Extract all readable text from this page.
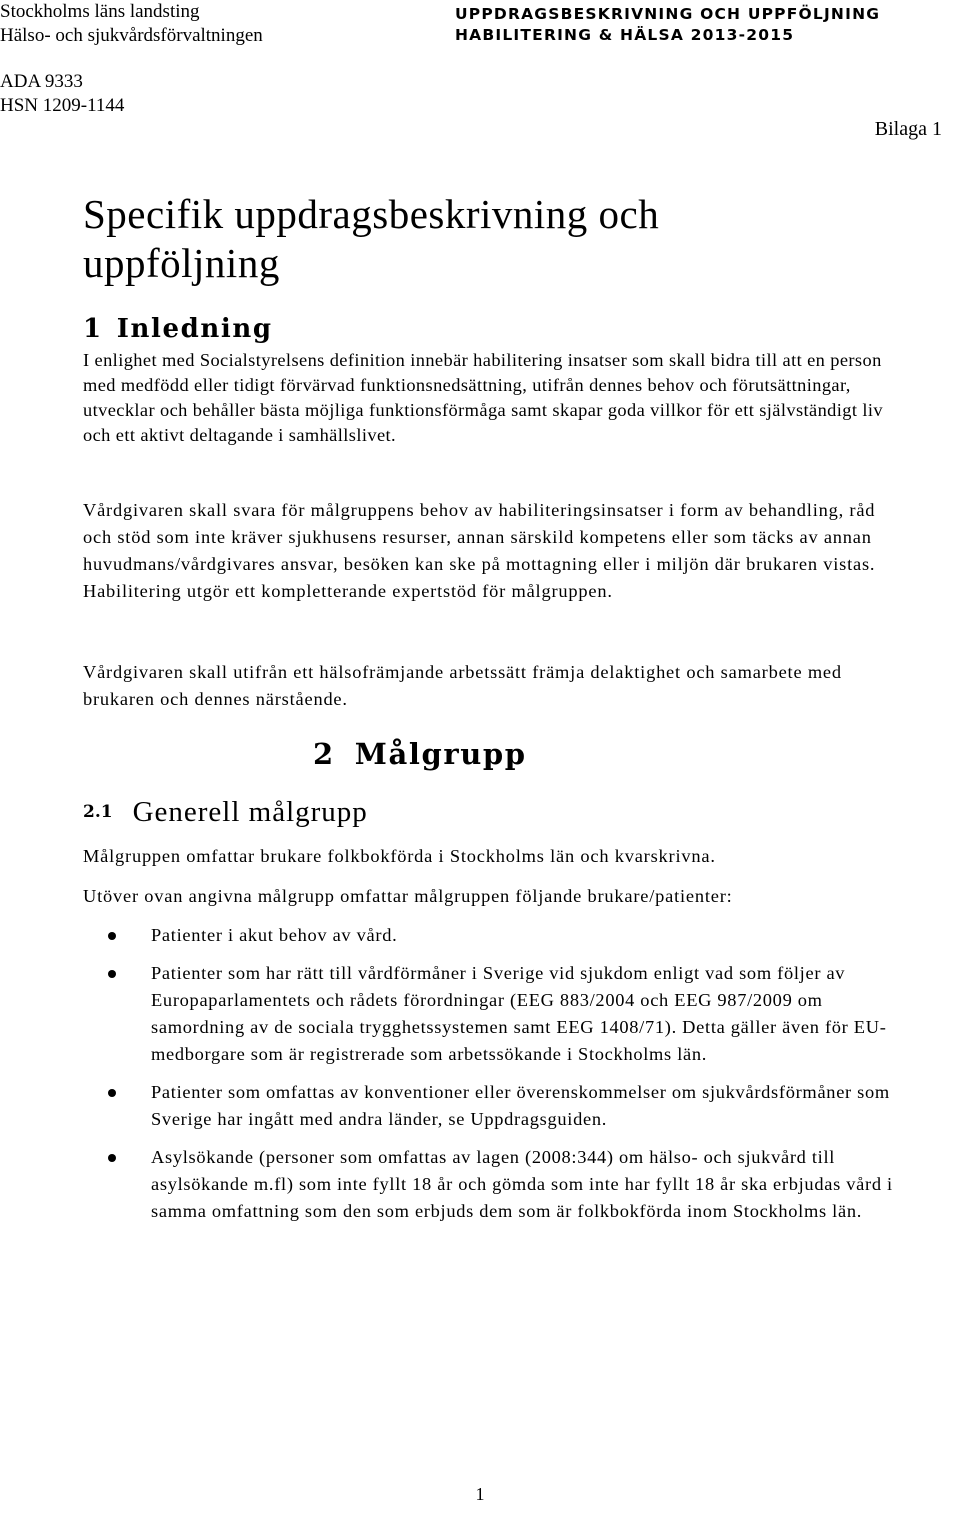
Stockholms läns landsting
Hälso- och sjukvårdsförvaltningen
UPPDRAGSBESKRIVNING OCH UPPFÖLJNING
HABILITERING & HÄLSA 2013-2015
ADA 9333
HSN 1209-1144
Bilaga 1
Specifik uppdragsbeskrivning och
uppföljning
1 Inledning
I enlighet med Socialstyrelsens definition innebär habilitering insatser som skall bidra till att en person med medfödd eller tidigt förvärvad funktionsnedsättning, utifrån dennes behov och förutsättningar, utvecklar och behåller bästa möjliga funktionsförmåga samt skapar goda villkor för ett självständigt liv och ett aktivt deltagande i samhällslivet.
Vårdgivaren skall svara för målgruppens behov av habiliteringsinsatser i form av behandling, råd och stöd som inte kräver sjukhusens resurser, annan särskild kompetens eller som täcks av annan huvudmans/vårdgivares ansvar, besöken kan ske på mottagning eller i miljön där brukaren vistas. Habilitering utgör ett kompletterande expertstöd för målgruppen.
Vårdgivaren skall utifrån ett hälsofrämjande arbetssätt främja delaktighet och samarbete med brukaren och dennes närstående.
2 Målgrupp
2.1 Generell målgrupp
Målgruppen omfattar brukare folkbokförda i Stockholms län och kvarskrivna.
Utöver ovan angivna målgrupp omfattar målgruppen följande brukare/patienter:
Patienter i akut behov av vård.
Patienter som har rätt till vårdförmåner i Sverige vid sjukdom enligt vad som följer av Europaparlamentets och rådets förordningar (EEG 883/2004 och EEG 987/2009 om samordning av de sociala trygghetssystemen samt EEG 1408/71). Detta gäller även för EU-medborgare som är registrerade som arbetssökande i Stockholms län.
Patienter som omfattas av konventioner eller överenskommelser om sjukvårdsförmåner som Sverige har ingått med andra länder, se Uppdragsguiden.
Asylsökande (personer som omfattas av lagen (2008:344) om hälso- och sjukvård till asylsökande m.fl) som inte fyllt 18 år och gömda som inte har fyllt 18 år ska erbjudas vård i samma omfattning som den som erbjuds dem som är folkbokförda inom Stockholms län.
1
